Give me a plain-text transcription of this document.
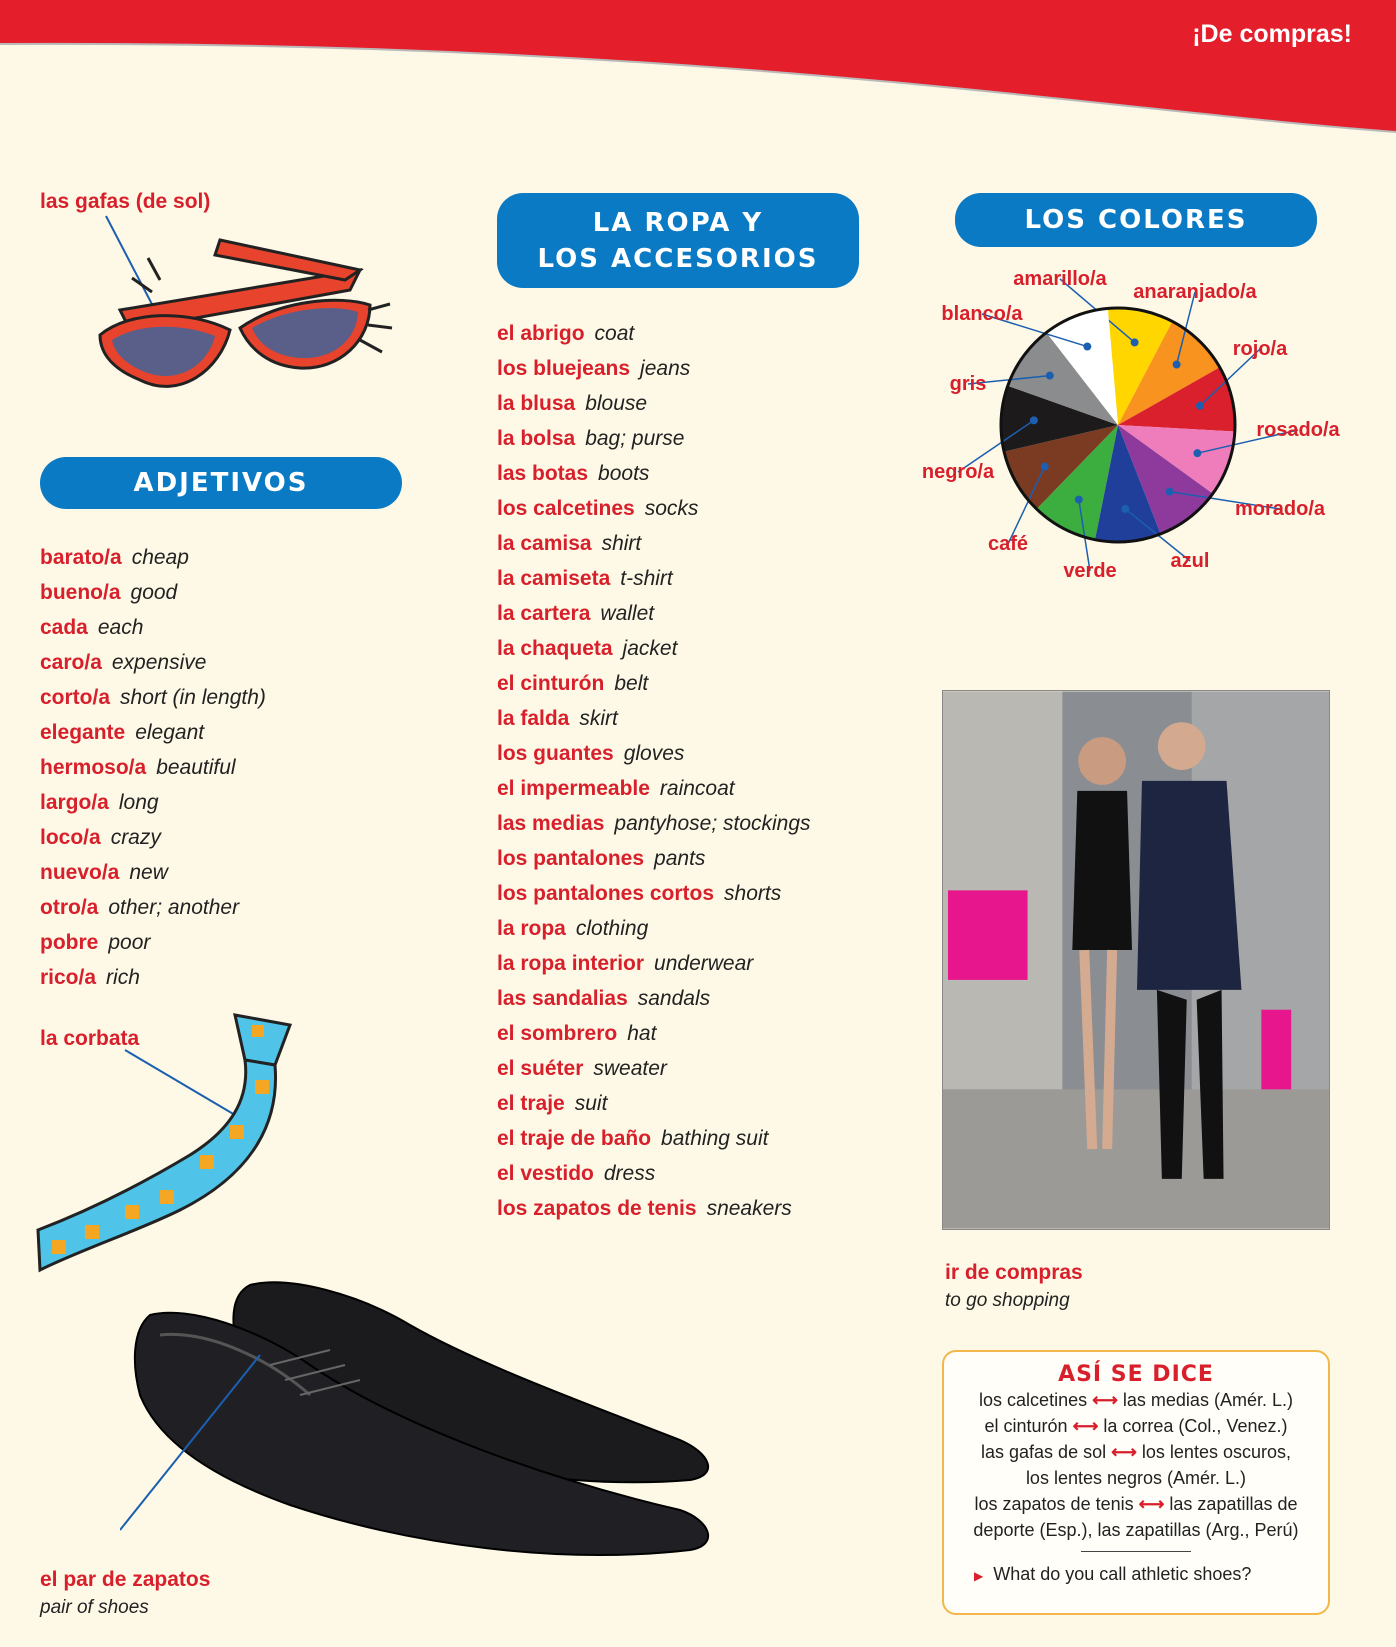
¡De compras!
las gafas (de sol)
ADJETIVOS
barato/a cheap
bueno/a good
cada each
caro/a expensive
corto/a short (in length)
elegante elegant
hermoso/a beautiful
largo/a long
loco/a crazy
nuevo/a new
otro/a other; another
pobre poor
rico/a rich
la corbata
el par de zapatos
pair of shoes
LA ROPA Y
LOS ACCESORIOS
el abrigo coat
los bluejeans jeans
la blusa blouse
la bolsa bag; purse
las botas boots
los calcetines socks
la camisa shirt
la camiseta t-shirt
la cartera wallet
la chaqueta jacket
el cinturón belt
la falda skirt
los guantes gloves
el impermeable raincoat
las medias pantyhose; stockings
los pantalones pants
los pantalones cortos shorts
la ropa clothing
la ropa interior underwear
las sandalias sandals
el sombrero hat
el suéter sweater
el traje suit
el traje de baño bathing suit
el vestido dress
los zapatos de tenis sneakers
LOS COLORES
amarillo/a
anaranjado/a
rojo/a
rosado/a
morado/a
azul
verde
café
negro/a
gris
blanco/a
ir de compras
to go shopping
ASÍ SE DICE
los calcetines ⟷ las medias (Amér. L.)
el cinturón ⟷ la correa (Col., Venez.)
las gafas de sol ⟷ los lentes oscuros,
los lentes negros (Amér. L.)
los zapatos de tenis ⟷ las zapatillas de
deporte (Esp.), las zapatillas (Arg., Perú)
▶ What do you call athletic shoes?
